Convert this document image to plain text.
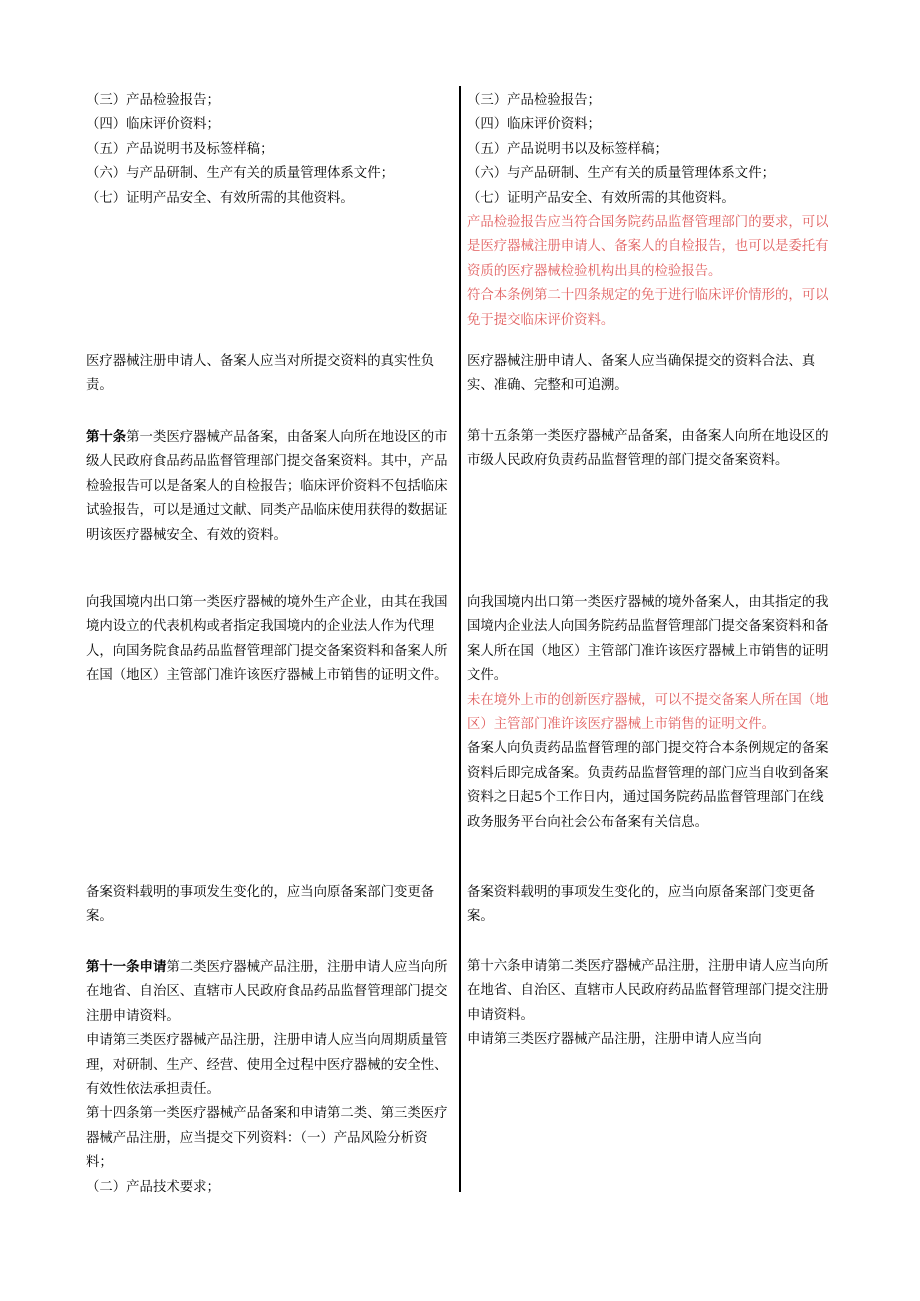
（三）产品检验报告；

（四）临床评价资料；

（五）产品说明书及标签样稿；

（六）与产品研制、生产有关的质量管理体系文件；

（七）证明产品安全、有效所需的其他资料。

医疗器械注册申请人、备案人应当对所提交资料的真实性负责。

第十条第一类医疗器械产品备案，由备案人向所在地设区的市级人民政府食品药品监督管理部门提交备案资料。其中，产品检验报告可以是备案人的自检报告；临床评价资料不包括临床试验报告，可以是通过文献、同类产品临床使用获得的数据证明该医疗器械安全、有效的资料。

向我国境内出口第一类医疗器械的境外生产企业，由其在我国境内设立的代表机构或者指定我国境内的企业法人作为代理人，向国务院食品药品监督管理部门提交备案资料和备案人所在国（地区）主管部门准许该医疗器械上市销售的证明文件。

备案资料载明的事项发生变化的，应当向原备案部门变更备案。

第十一条申请第二类医疗器械产品注册，注册申请人应当向所在地省、自治区、直辖市人民政府食品药品监督管理部门提交注册申请资料。

申请第三类医疗器械产品注册，注册申请人应当向周期质量管理，对研制、生产、经营、使用全过程中医疗器械的安全性、有效性依法承担责任。

第十四条第一类医疗器械产品备案和申请第二类、第三类医疗器械产品注册，应当提交下列资料：（一）产品风险分析资料；

（二）产品技术要求；

（三）产品检验报告；

（四）临床评价资料；

（五）产品说明书以及标签样稿；

（六）与产品研制、生产有关的质量管理体系文件；

（七）证明产品安全、有效所需的其他资料。

产品检验报告应当符合国务院药品监督管理部门的要求，可以是医疗器械注册申请人、备案人的自检报告，也可以是委托有资质的医疗器械检验机构出具的检验报告。

符合本条例第二十四条规定的免于进行临床评价情形的，可以免于提交临床评价资料。

医疗器械注册申请人、备案人应当确保提交的资料合法、真实、准确、完整和可追溯。

第十五条第一类医疗器械产品备案，由备案人向所在地设区的市级人民政府负责药品监督管理的部门提交备案资料。

向我国境内出口第一类医疗器械的境外备案人，由其指定的我国境内企业法人向国务院药品监督管理部门提交备案资料和备案人所在国（地区）主管部门准许该医疗器械上市销售的证明文件。

未在境外上市的创新医疗器械，可以不提交备案人所在国（地区）主管部门准许该医疗器械上市销售的证明文件。

备案人向负责药品监督管理的部门提交符合本条例规定的备案资料后即完成备案。负责药品监督管理的部门应当自收到备案资料之日起5个工作日内，通过国务院药品监督管理部门在线政务服务平台向社会公布备案有关信息。

备案资料载明的事项发生变化的，应当向原备案部门变更备案。

第十六条申请第二类医疗器械产品注册，注册申请人应当向所在地省、自治区、直辖市人民政府药品监督管理部门提交注册申请资料。

申请第三类医疗器械产品注册，注册申请人应当向
